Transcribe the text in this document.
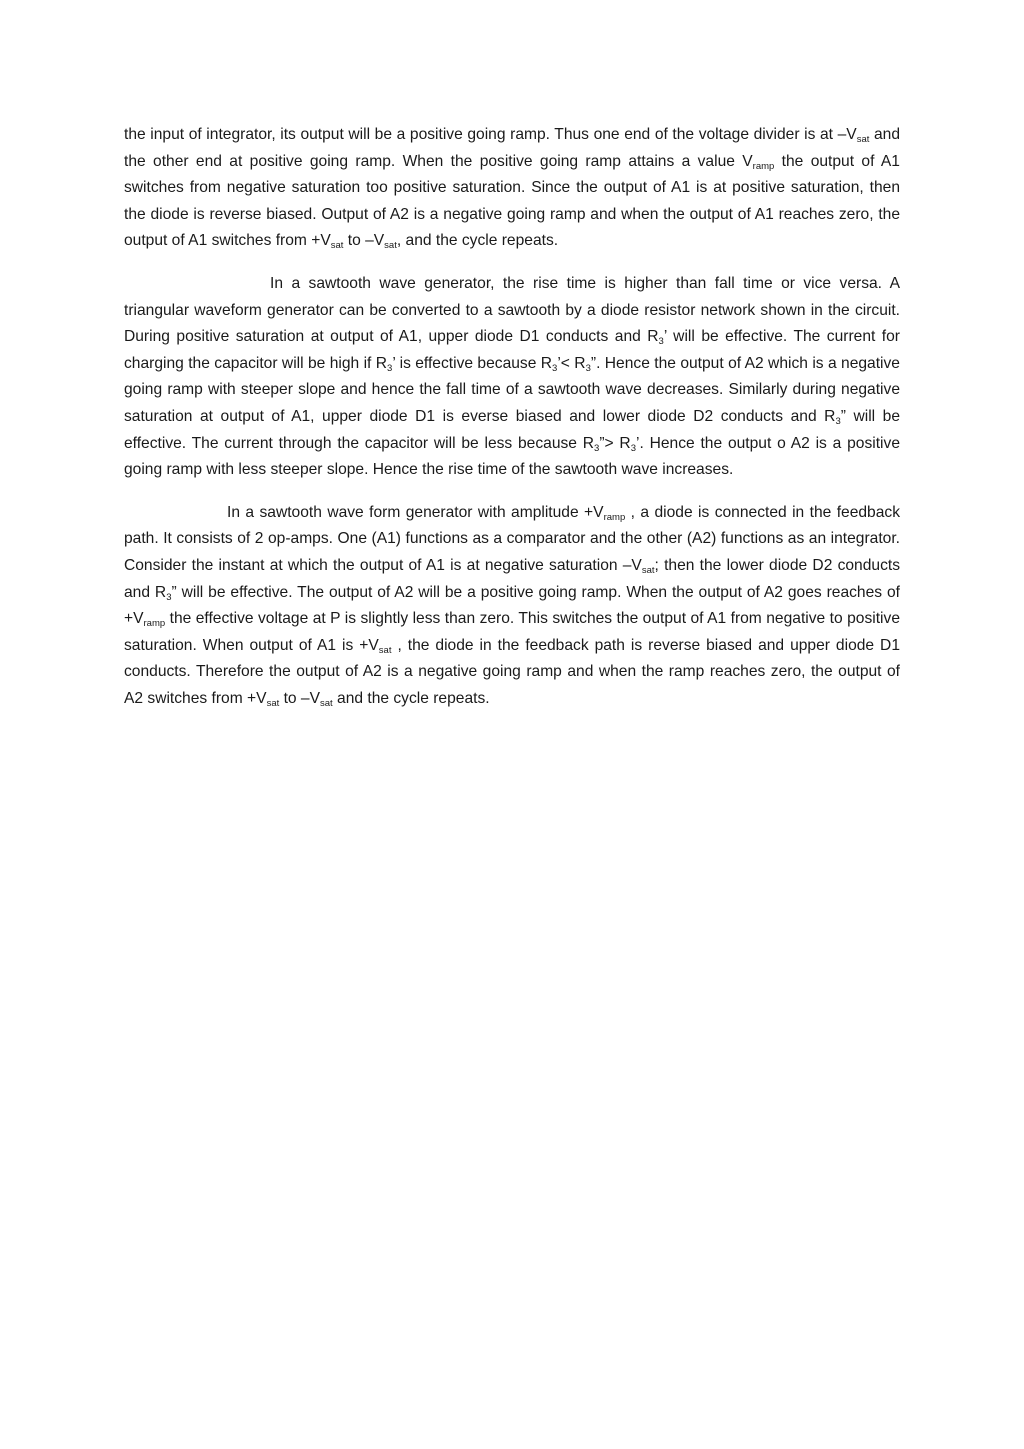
the input of integrator, its output will be a positive going ramp. Thus one end of the voltage divider is at $-V_{sat}$ and the other end at positive going ramp. When the positive going ramp attains a value $V_{ramp}$ the output of A1 switches from negative saturation too positive saturation. Since the output of A1 is at positive saturation, then the diode is reverse biased. Output of A2 is a negative going ramp and when the output of A1 reaches zero, the output of A1 switches from $+V_{sat}$ to $-V_{sat}$, and the cycle repeats.

In a sawtooth wave generator, the rise time is higher than fall time or vice versa. A triangular waveform generator can be converted to a sawtooth by a diode resistor network shown in the circuit. During positive saturation at output of A1, upper diode D1 conducts and $R_3$’ will be effective. The current for charging the capacitor will be high if $R_3$’ is effective because $R_3’< R_3$”. Hence the output of A2 which is a negative going ramp with steeper slope and hence the fall time of a sawtooth wave decreases. Similarly during negative saturation at output of A1, upper diode D1 is everse biased and lower diode D2 conducts and $R_3$” will be effective. The current through the capacitor will be less because $R_3”> R_3$’. Hence the output o A2 is a positive going ramp with less steeper slope. Hence the rise time of the sawtooth wave increases.

In a sawtooth wave form generator with amplitude $+V_{ramp}$ , a diode is connected in the feedback path. It consists of 2 op-amps. One (A1) functions as a comparator and the other (A2) functions as an integrator. Consider the instant at which the output of A1 is at negative saturation $-V_{sat}$; then the lower diode D2 conducts and $R_3$” will be effective. The output of A2 will be a positive going ramp. When the output of A2 goes reaches of $+V_{ramp}$ the effective voltage at P is slightly less than zero. This switches the output of A1 from negative to positive saturation. When output of A1 is $+V_{sat}$ , the diode in the feedback path is reverse biased and upper diode D1 conducts. Therefore the output of A2 is a negative going ramp and when the ramp reaches zero, the output of A2 switches from $+V_{sat}$ to $-V_{sat}$ and the cycle repeats.
